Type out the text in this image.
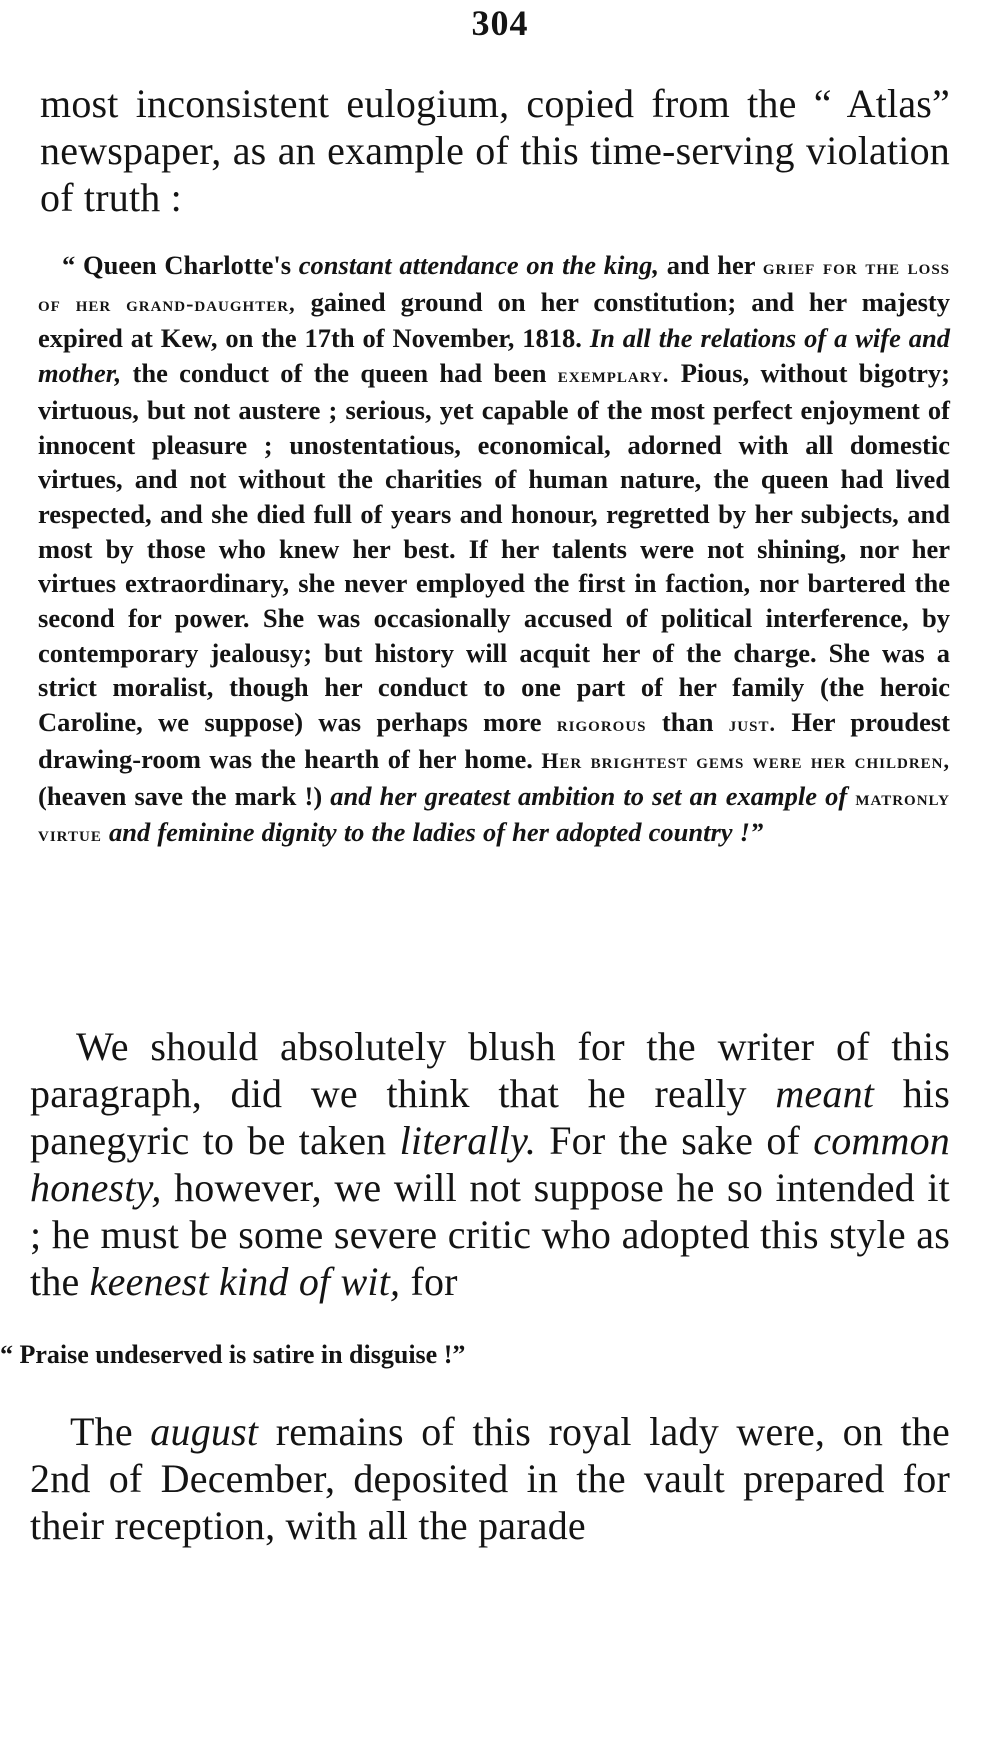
304

most inconsistent eulogium, copied from the “ Atlas” newspaper, as an example of this time-serving violation of truth :

“ Queen Charlotte's constant attendance on the king, and her grief for the loss of her grand-daughter, gained ground on her constitution; and her majesty expired at Kew, on the 17th of November, 1818. In all the relations of a wife and mother, the conduct of the queen had been exemplary. Pious, without bigotry; virtuous, but not austere ; serious, yet capable of the most perfect enjoyment of innocent pleasure ; unostentatious, economical, adorned with all domestic virtues, and not without the charities of human nature, the queen had lived respected, and she died full of years and honour, regretted by her subjects, and most by those who knew her best. If her talents were not shining, nor her virtues extraordinary, she never employed the first in faction, nor bartered the second for power. She was occasionally accused of political interference, by contemporary jealousy; but history will acquit her of the charge. She was a strict moralist, though her conduct to one part of her family (the heroic Caroline, we suppose) was perhaps more rigorous than just. Her proudest drawing-room was the hearth of her home. Her brightest gems were her children, (heaven save the mark !) and her greatest ambition to set an example of matronly virtue and feminine dignity to the ladies of her adopted country !”

We should absolutely blush for the writer of this paragraph, did we think that he really meant his panegyric to be taken literally. For the sake of common honesty, however, we will not suppose he so intended it ; he must be some severe critic who adopted this style as the keenest kind of wit, for

“ Praise undeserved is satire in disguise !”

The august remains of this royal lady were, on the 2nd of December, deposited in the vault prepared for their reception, with all the parade
